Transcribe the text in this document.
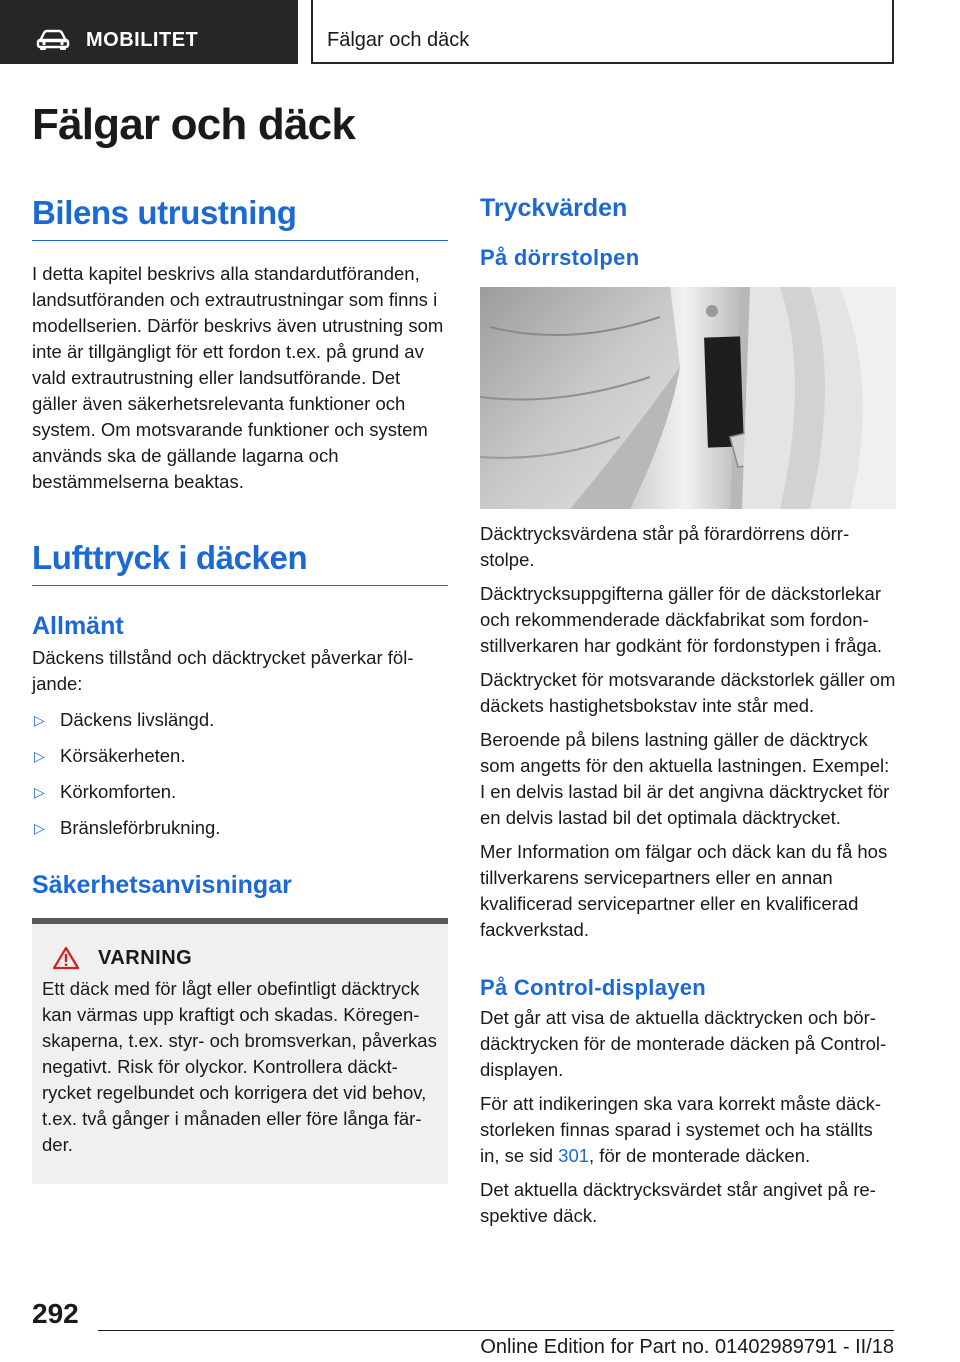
MOBILITET	Fälgar och däck
Fälgar och däck
Bilens utrustning

I detta kapitel beskrivs alla standardutföranden, landsutföranden och extrautrustningar som finns i modellserien. Därför beskrivs även utrustning som inte är tillgängligt för ett fordon t.ex. på grund av vald extrautrustning eller landsutförande. Det gäller även säkerhetsrelevanta funktioner och system. Om motsvarande funktioner och system används ska de gällande lagarna och bestämmelserna beaktas.

Lufttryck i däcken
Allmänt

Däckens tillstånd och däcktrycket påverkar följande:

▷ Däckens livslängd.
▷ Körsäkerheten.
▷ Körkomforten.
▷ Bränsleförbrukning.
Säkerhetsanvisningar
VARNING

Ett däck med för lågt eller obefintligt däcktryck kan värmas upp kraftigt och skadas. Köregenskaperna, t.ex. styr- och bromsverkan, påverkas negativt. Risk för olyckor. Kontrollera däcktrycket regelbundet och korrigera det vid behov, t.ex. två gånger i månaden eller före långa färder.

Tryckvärden
På dörrstolpen

Däcktrycksvärdena står på förardörrens dörrstolpe.

Däcktrycksuppgifterna gäller för de däckstorlekar och rekommenderade däckfabrikat som fordonstillverkaren har godkänt för fordonstypen i fråga.

Däcktrycket för motsvarande däckstorlek gäller om däckets hastighetsbokstav inte står med.

Beroende på bilens lastning gäller de däcktryck som angetts för den aktuella lastningen. Exempel: I en delvis lastad bil är det angivna däcktrycket för en delvis lastad bil det optimala däcktrycket.

Mer Information om fälgar och däck kan du få hos tillverkarens servicepartners eller en annan kvalificerad servicepartner eller en kvalificerad fackverkstad.

På Control-displayen

Det går att visa de aktuella däcktrycken och bördäcktrycken för de monterade däcken på Control-displayen.

För att indikeringen ska vara korrekt måste däckstorleken finnas sparad i systemet och ha ställts in, se sid 301, för de monterade däcken.

Det aktuella däcktrycksvärdet står angivet på respektive däck.

292
Online Edition for Part no. 01402989791 - II/18
